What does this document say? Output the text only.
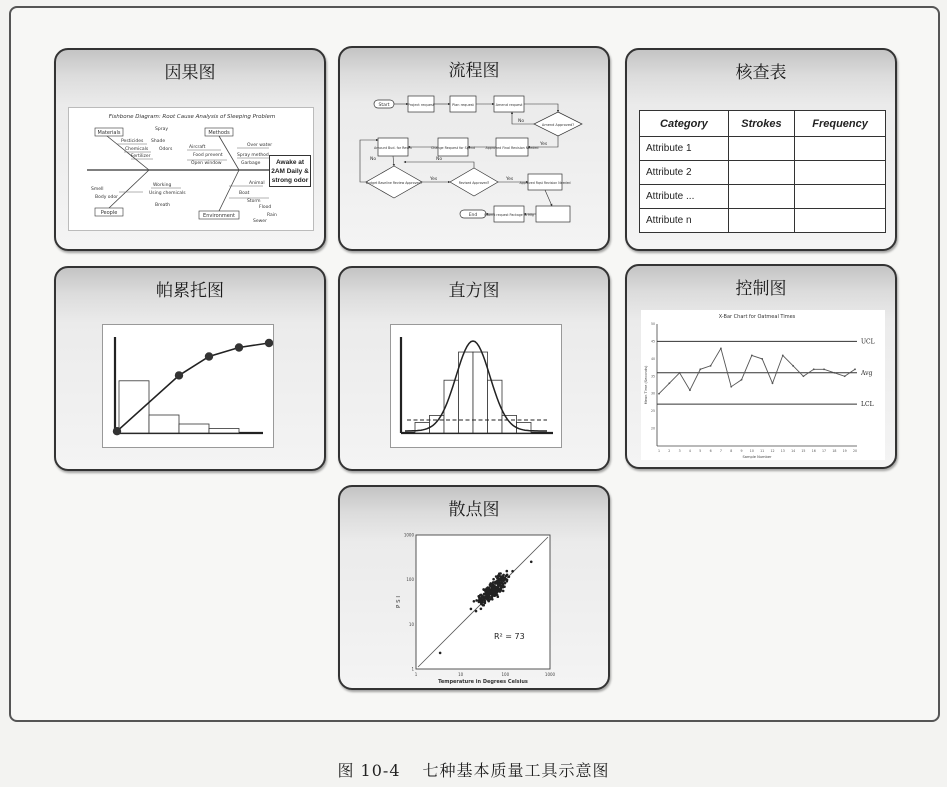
因果图
Fishbone Diagram: Root Cause Analysis of Sleeping Problem
Materials	Methods
People	Environment
Spray
Pesticides Shade
Chemicals Odors
Fertilizer
Aircraft
Food prevent
Open window
Over water
Spray method
Garbage
Smell
Body odor
Working
Using chemicals
Breath
Animal
Boat
Storm
Flood
Rain
Sewer
Awake at 2AM Daily & strong odor
流程图
Start	Project request	Plan request	Amend request
Amend Approved?
No
Amount Bud. for Resch	Change Request for Spend	Approved Final Revision Needed
Yes
Budget Baseline Review Approved?	Revised Approved?	Approved Rqst Revision Needed
Yes	Yes
No
No
End Submit request Package to Mfg
核查表
Category	Strokes	Frequency
Attribute 1		
Attribute 2		
Attribute ...		
Attribute n		
帕累托图	直方图	控制图
X-Bar Chart for Oatmeal Times
UCL
Avg
LCL
1	2	3	4	5	6	7	8	9 10 11 12 13 14 15 16 17 18 19 20
20
25
30
35
40
45
50
Sample Number
Mean Time (Seconds)
散点图
1	10	100	1000
1000
100
10
1
R² = 73
Temperature in Degrees Celsius
P S I
图 10-4 七种基本质量工具示意图
